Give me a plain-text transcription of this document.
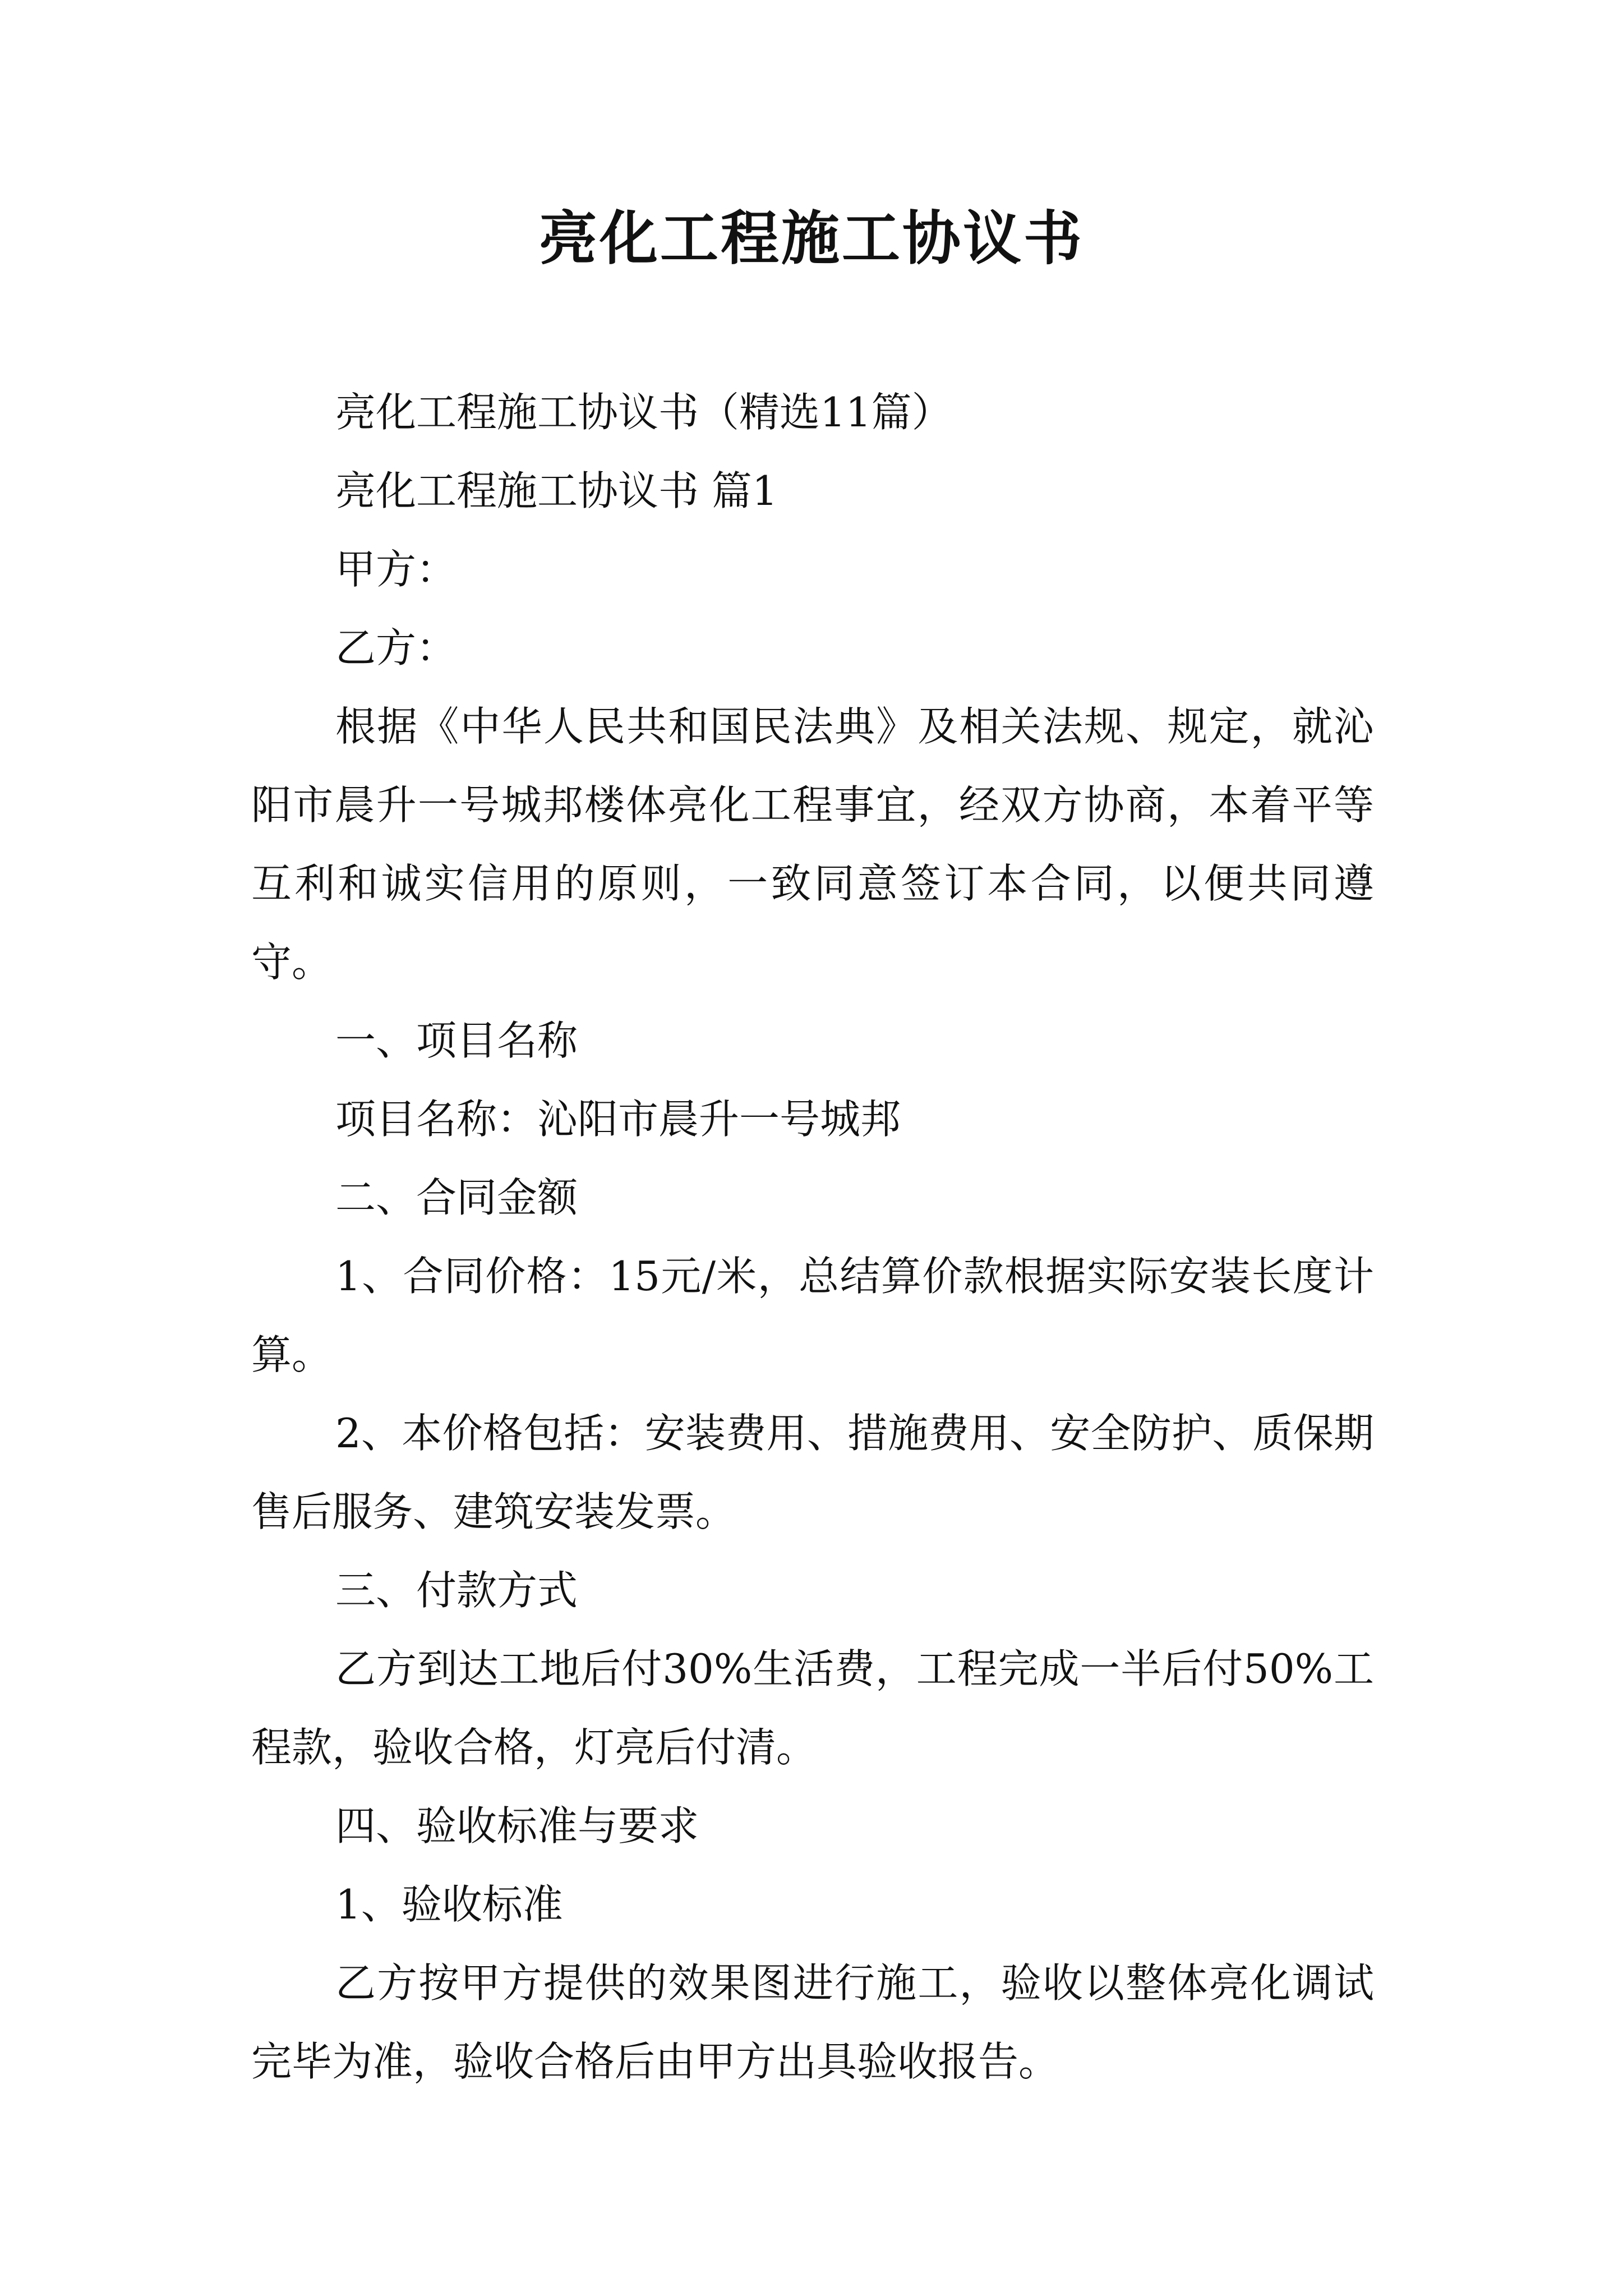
亮化工程施工协议书

亮化工程施工协议书（精选11篇）

亮化工程施工协议书 篇1

甲方：

乙方：

根据《中华人民共和国民法典》及相关法规、规定，就沁阳市晨升一号城邦楼体亮化工程事宜，经双方协商，本着平等互利和诚实信用的原则，一致同意签订本合同，以便共同遵守。

一、项目名称

项目名称：沁阳市晨升一号城邦

二、合同金额

1、合同价格：15元/米，总结算价款根据实际安装长度计算。

2、本价格包括：安装费用、措施费用、安全防护、质保期售后服务、建筑安装发票。

三、付款方式

乙方到达工地后付30%生活费，工程完成一半后付50%工程款，验收合格，灯亮后付清。

四、验收标准与要求

1、验收标准

乙方按甲方提供的效果图进行施工，验收以整体亮化调试完毕为准，验收合格后由甲方出具验收报告。
